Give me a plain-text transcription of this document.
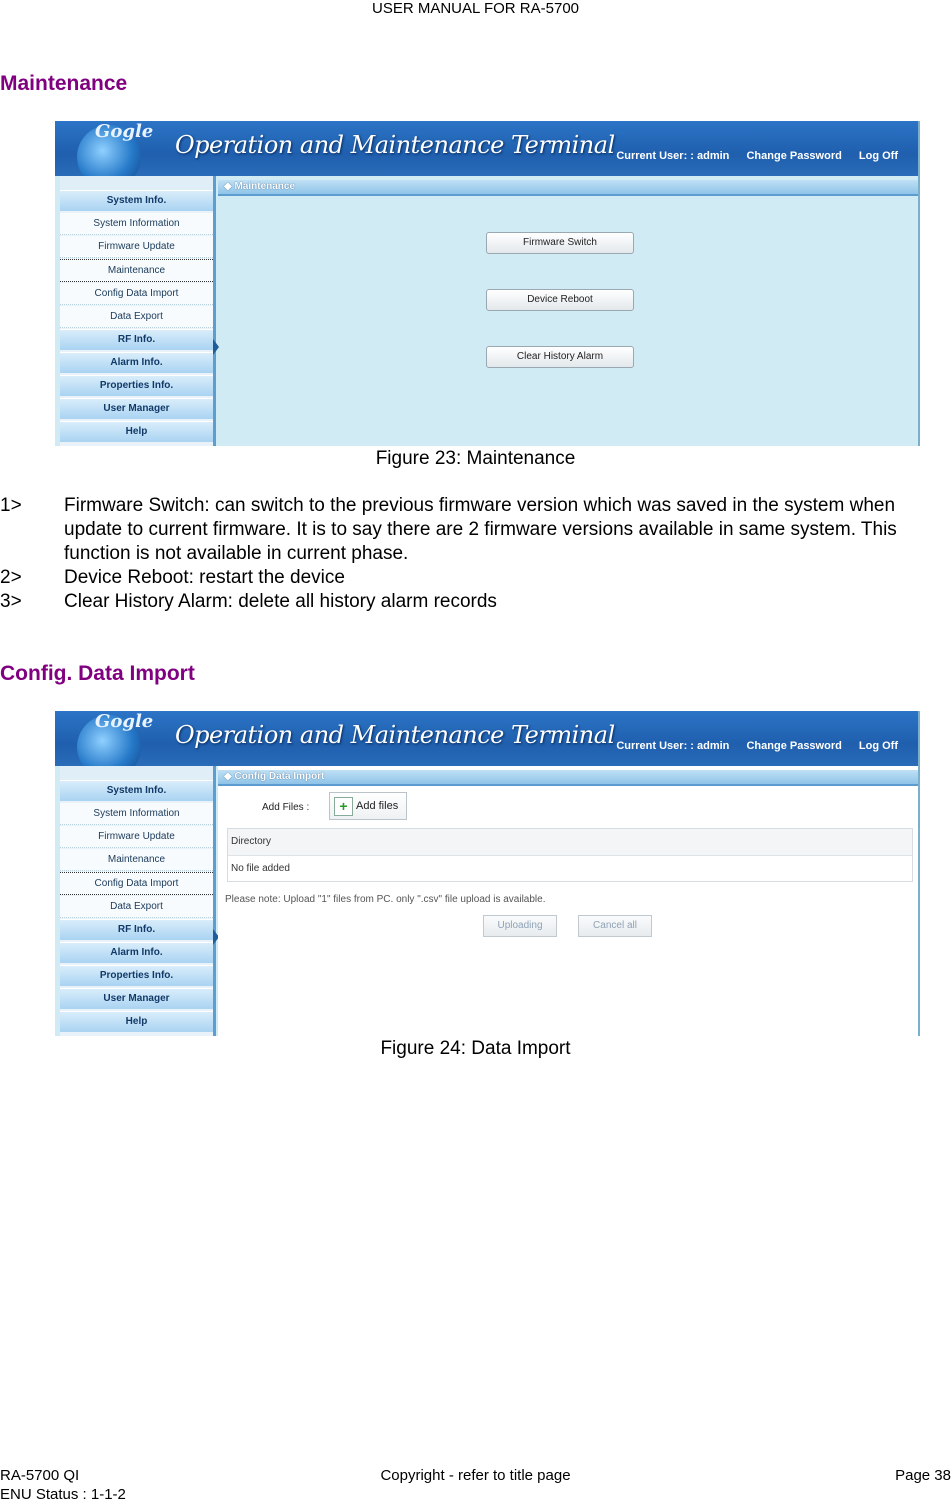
USER MANUAL FOR RA-5700
Maintenance
Gogle Operation and Maintenance Terminal Current User: : admin Change Password Log Off
System Info.
System Information
Firmware Update
Maintenance
Config Data Import
Data Export
RF Info.
Alarm Info.
Properties Info.
User Manager
Help
◆ Maintenance
Firmware Switch
Device Reboot
Clear History Alarm
Figure 23: Maintenance
1> Firmware Switch: can switch to the previous firmware version which was saved in the system when update to current firmware. It is to say there are 2 firmware versions available in same system. This function is not available in current phase.
2> Device Reboot: restart the device
3> Clear History Alarm: delete all history alarm records
Config. Data Import
Gogle Operation and Maintenance Terminal Current User: : admin Change Password Log Off
System Info.
System Information
Firmware Update
Maintenance
Config Data Import
Data Export
RF Info.
Alarm Info.
Properties Info.
User Manager
Help
◆ Config Data Import
Add Files :	+ Add files
Directory
No file added
Please note: Upload "1" files from PC. only ".csv" file upload is available.
Uploading	Cancel all
Figure 24: Data Import
RA-5700 QI
ENU Status : 1-1-2
Copyright - refer to title page	Page 38
